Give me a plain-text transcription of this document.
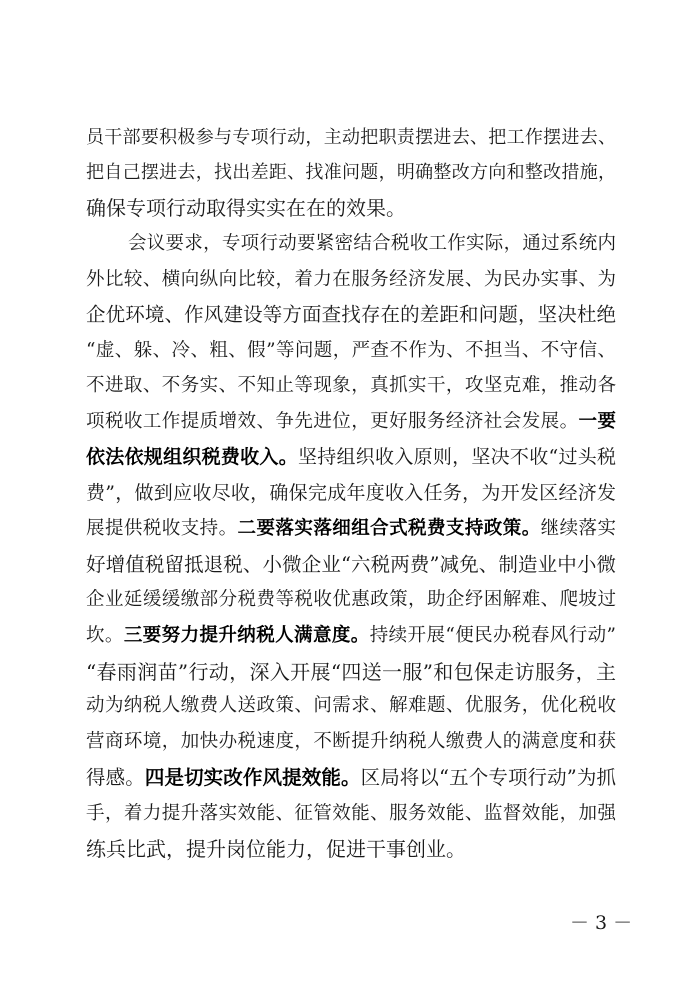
员干部要积极参与专项行动，主动把职责摆进去、把工作摆进去、
把自己摆进去，找出差距、找准问题，明确整改方向和整改措施，
确保专项行动取得实实在在的效果。
会议要求，专项行动要紧密结合税收工作实际，通过系统内
外比较、横向纵向比较，着力在服务经济发展、为民办实事、为
企优环境、作风建设等方面查找存在的差距和问题，坚决杜绝
“虚、躲、冷、粗、假”等问题，严查不作为、不担当、不守信、
不进取、不务实、不知止等现象，真抓实干，攻坚克难，推动各
项税收工作提质增效、争先进位，更好服务经济社会发展。一要
依法依规组织税费收入。坚持组织收入原则，坚决不收“过头税
费”，做到应收尽收，确保完成年度收入任务，为开发区经济发
展提供税收支持。二要落实落细组合式税费支持政策。继续落实
好增值税留抵退税、小微企业“六税两费”减免、制造业中小微
企业延缓缓缴部分税费等税收优惠政策，助企纾困解难、爬坡过
坎。三要努力提升纳税人满意度。持续开展“便民办税春风行动”
“春雨润苗”行动，深入开展“四送一服”和包保走访服务，主
动为纳税人缴费人送政策、问需求、解难题、优服务，优化税收
营商环境，加快办税速度，不断提升纳税人缴费人的满意度和获
得感。四是切实改作风提效能。区局将以“五个专项行动”为抓
手，着力提升落实效能、征管效能、服务效能、监督效能，加强
练兵比武，提升岗位能力，促进干事创业。
－ 3 －
